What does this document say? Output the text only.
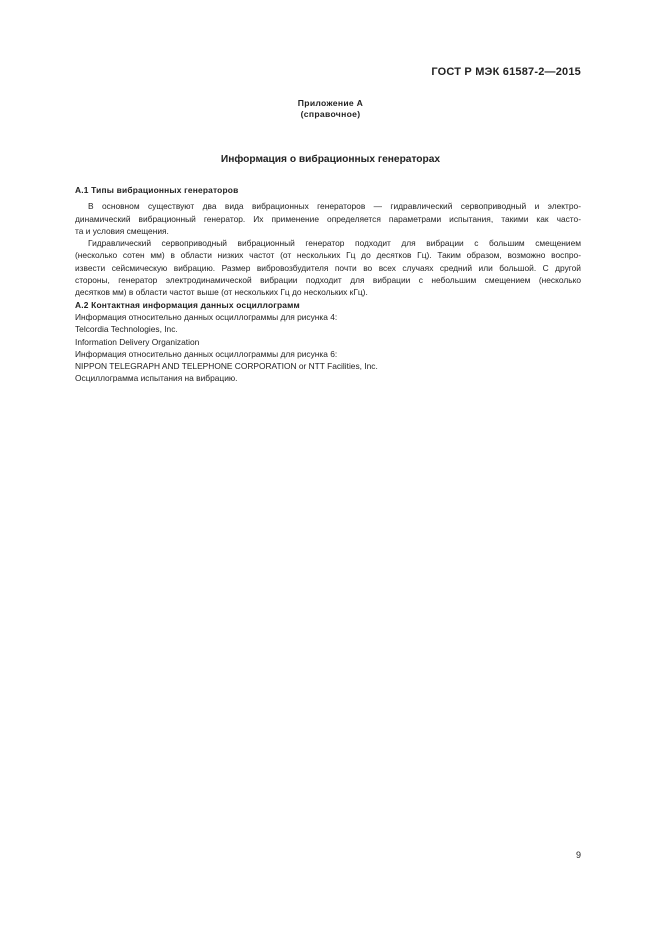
ГОСТ Р МЭК 61587-2—2015
Приложение А
(справочное)
Информация о вибрационных генераторах

А.1 Типы вибрационных генераторов

В основном существуют два вида вибрационных генераторов — гидравлический сервоприводный и электро-
динамический вибрационный генератор. Их применение определяется параметрами испытания, такими как часто-
та и условия смещения.
Гидравлический сервоприводный вибрационный генератор подходит для вибрации с большим смещением
(несколько сотен мм) в области низких частот (от нескольких Гц до десятков Гц). Таким образом, возможно воспро-
извести сейсмическую вибрацию. Размер вибровозбудителя почти во всех случаях средний или большой. С другой
стороны, генератор электродинамической вибрации подходит для вибрации с небольшим смещением (несколько
десятков мм) в области частот выше (от нескольких Гц до нескольких кГц).

А.2 Контактная информация данных осциллограмм

Информация относительно данных осциллограммы для рисунка 4:

Telcordia Technologies, Inc.

Information Delivery Organization

Информация относительно данных осциллограммы для рисунка 6:

NIPPON TELEGRAPH AND TELEPHONE CORPORATION or NTT Facilities, Inc.

Осциллограмма испытания на вибрацию.

9
